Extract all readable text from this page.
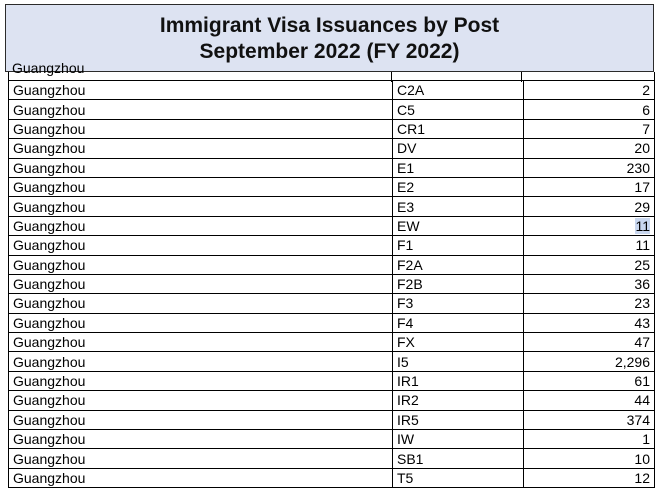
Immigrant Visa Issuances by Post
September 2022 (FY 2022)
Guangzhou
Guangzhou	C2A	2
Guangzhou	C5	6
Guangzhou	CR1	7
Guangzhou	DV	20
Guangzhou	E1	230
Guangzhou	E2	17
Guangzhou	E3	29
Guangzhou	EW	11
Guangzhou	F1	11
Guangzhou	F2A	25
Guangzhou	F2B	36
Guangzhou	F3	23
Guangzhou	F4	43
Guangzhou	FX	47
Guangzhou	I5	2,296
Guangzhou	IR1	61
Guangzhou	IR2	44
Guangzhou	IR5	374
Guangzhou	IW	1
Guangzhou	SB1	10
Guangzhou	T5	12
